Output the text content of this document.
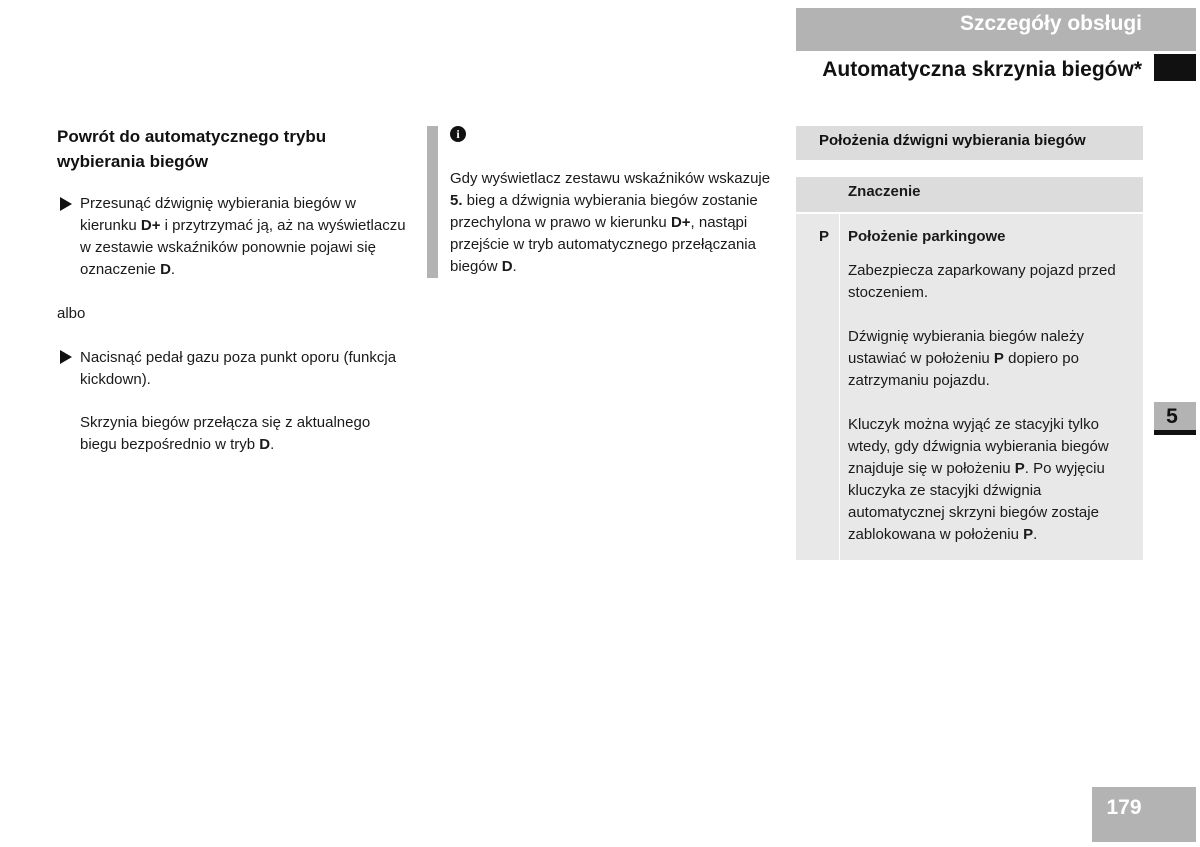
Szczegóły obsługi
Automatyczna skrzynia biegów*
5
179
Powrót do automatycznego trybu wybierania biegów
Przesunąć dźwignię wybierania biegów w kierunku D+ i przytrzymać ją, aż na wyświetlaczu w zestawie wskaźników ponownie pojawi się oznaczenie D.
albo
Nacisnąć pedał gazu poza punkt oporu (funkcja kickdown).
Skrzynia biegów przełącza się z aktualnego biegu bezpośrednio w tryb D.
i
Gdy wyświetlacz zestawu wskaźników wskazuje 5. bieg a dźwignia wybierania biegów zostanie przechylona w prawo w kierunku D+, nastąpi przejście w tryb automatycznego przełączania biegów D.
Położenia dźwigni wybierania biegów
Znaczenie
P Położenie parkingowe

Zabezpiecza zaparkowany pojazd przed stoczeniem.

Dźwignię wybierania biegów należy ustawiać w położeniu P dopiero po zatrzymaniu pojazdu.

Kluczyk można wyjąć ze stacyjki tylko wtedy, gdy dźwignia wybierania biegów znajduje się w położeniu P. Po wyjęciu kluczyka ze stacyjki dźwignia automatycznej skrzyni biegów zostaje zablokowana w położeniu P.
